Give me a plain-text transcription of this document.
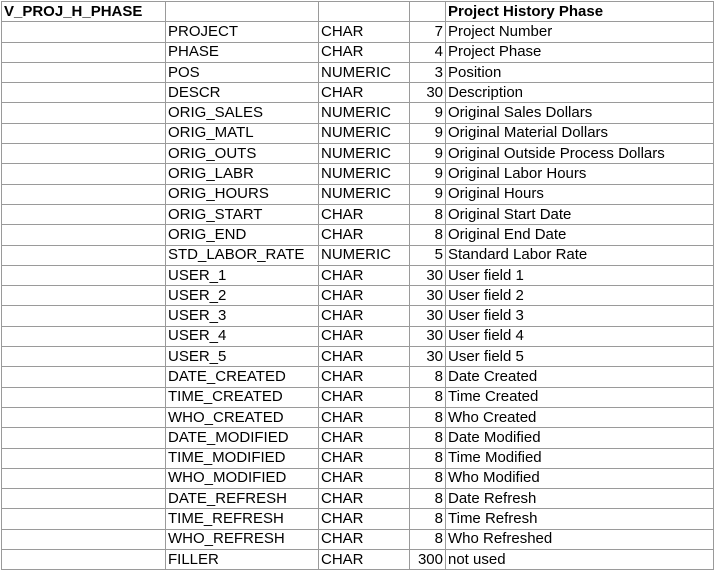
V_PROJ_H_PHASE				Project History Phase
	PROJECT	CHAR	7	Project Number
	PHASE	CHAR	4	Project Phase
	POS	NUMERIC	3	Position
	DESCR	CHAR	30	Description
	ORIG_SALES	NUMERIC	9	Original Sales Dollars
	ORIG_MATL	NUMERIC	9	Original Material Dollars
	ORIG_OUTS	NUMERIC	9	Original Outside Process Dollars
	ORIG_LABR	NUMERIC	9	Original Labor Hours
	ORIG_HOURS	NUMERIC	9	Original Hours
	ORIG_START	CHAR	8	Original Start Date
	ORIG_END	CHAR	8	Original End Date
	STD_LABOR_RATE	NUMERIC	5	Standard Labor Rate
	USER_1	CHAR	30	User field 1
	USER_2	CHAR	30	User field 2
	USER_3	CHAR	30	User field 3
	USER_4	CHAR	30	User field 4
	USER_5	CHAR	30	User field 5
	DATE_CREATED	CHAR	8	Date Created
	TIME_CREATED	CHAR	8	Time Created
	WHO_CREATED	CHAR	8	Who Created
	DATE_MODIFIED	CHAR	8	Date Modified
	TIME_MODIFIED	CHAR	8	Time Modified
	WHO_MODIFIED	CHAR	8	Who Modified
	DATE_REFRESH	CHAR	8	Date Refresh
	TIME_REFRESH	CHAR	8	Time Refresh
	WHO_REFRESH	CHAR	8	Who Refreshed
	FILLER	CHAR	300	not used
